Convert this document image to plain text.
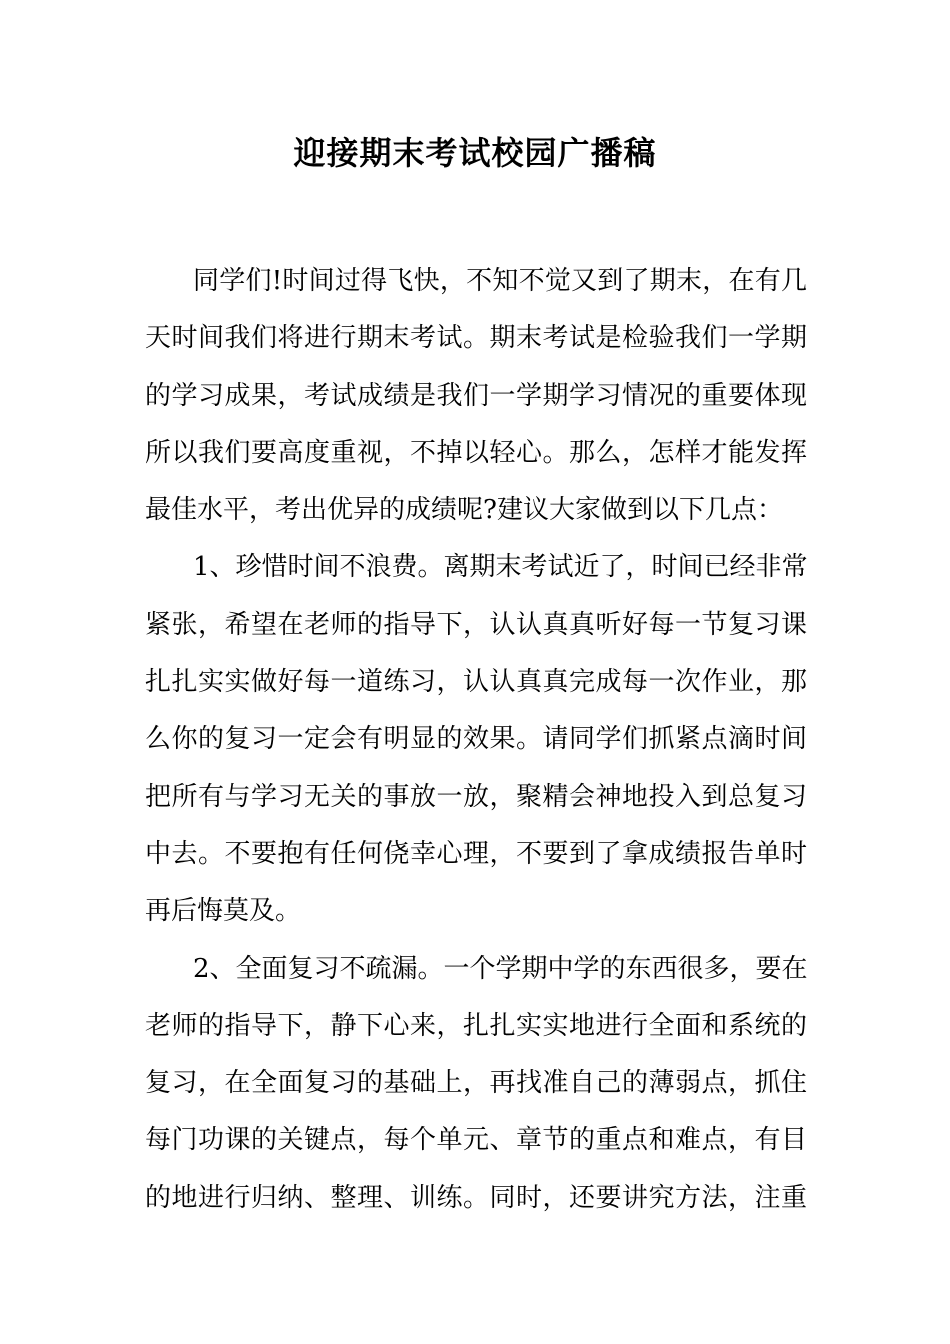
迎接期末考试校园广播稿
同学们!时间过得飞快，不知不觉又到了期末，在有几
天时间我们将进行期末考试。期末考试是检验我们一学期
的学习成果，考试成绩是我们一学期学习情况的重要体现
所以我们要高度重视，不掉以轻心。那么，怎样才能发挥
最佳水平，考出优异的成绩呢?建议大家做到以下几点：
1、珍惜时间不浪费。离期末考试近了，时间已经非常
紧张，希望在老师的指导下，认认真真听好每一节复习课
扎扎实实做好每一道练习，认认真真完成每一次作业，那
么你的复习一定会有明显的效果。请同学们抓紧点滴时间
把所有与学习无关的事放一放，聚精会神地投入到总复习
中去。不要抱有任何侥幸心理，不要到了拿成绩报告单时
再后悔莫及。
2、全面复习不疏漏。一个学期中学的东西很多，要在
老师的指导下，静下心来，扎扎实实地进行全面和系统的
复习，在全面复习的基础上，再找准自己的薄弱点，抓住
每门功课的关键点，每个单元、章节的重点和难点，有目
的地进行归纳、整理、训练。同时，还要讲究方法，注重
